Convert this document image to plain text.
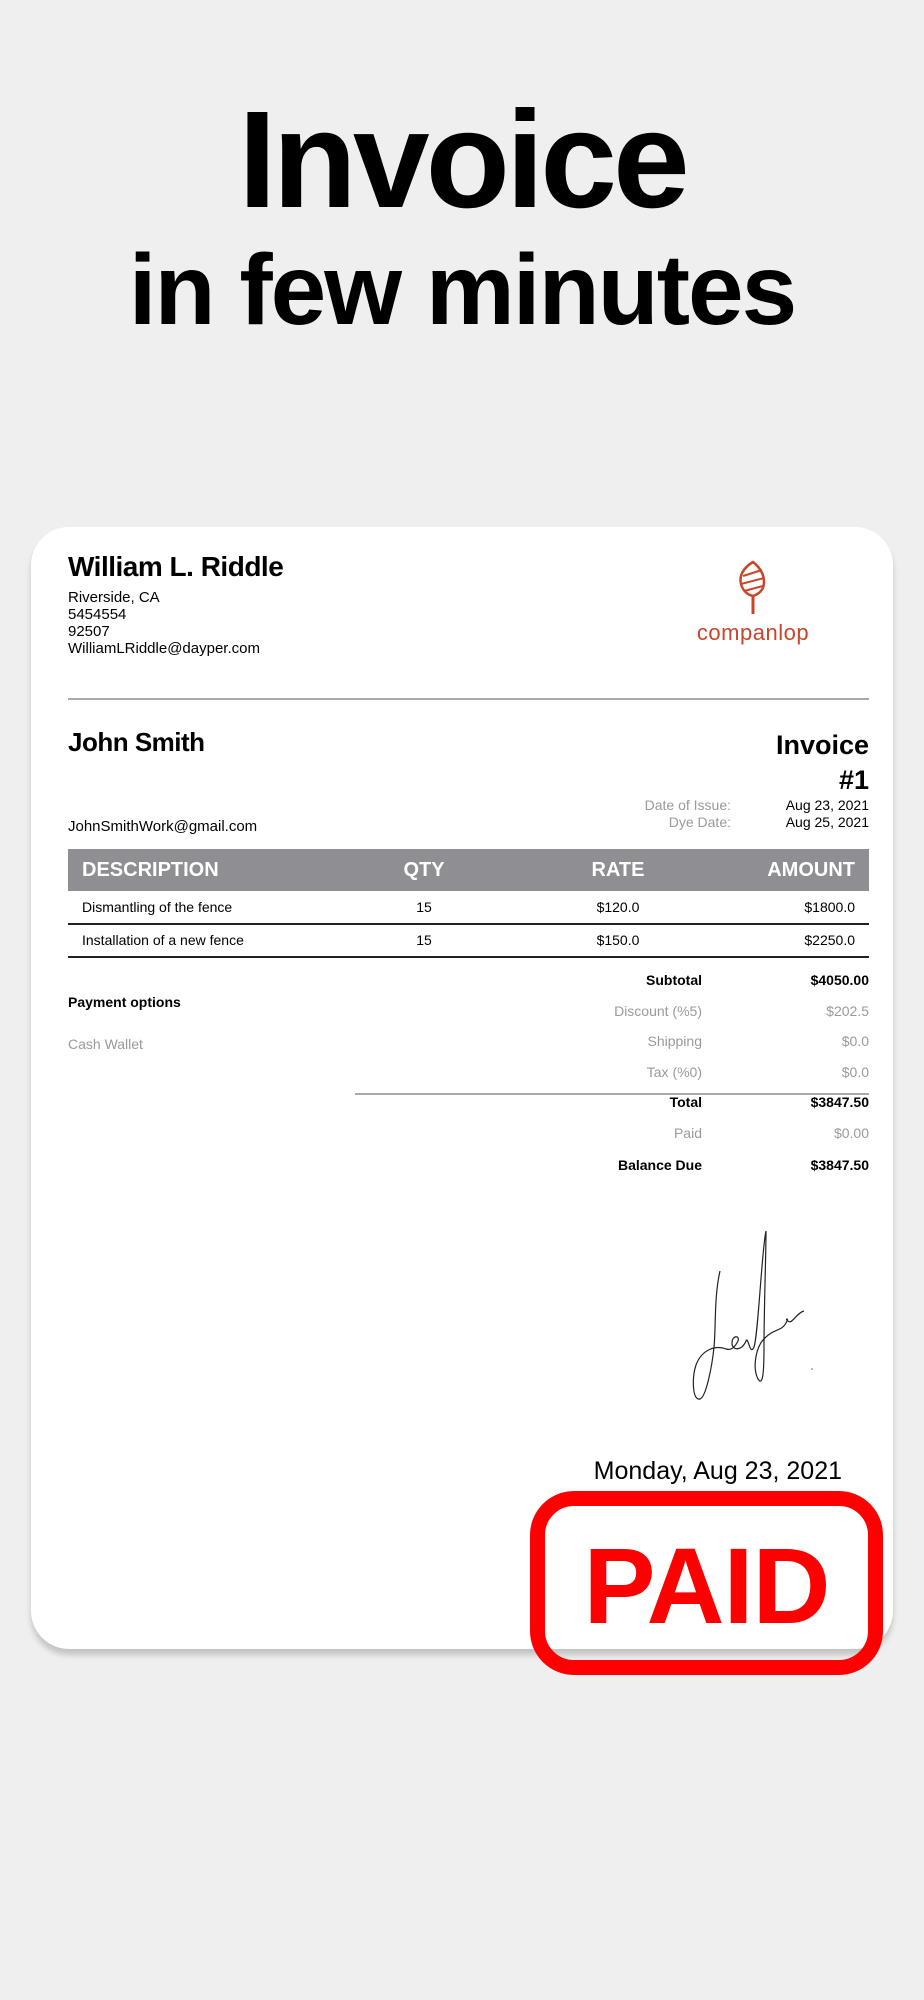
Invoice
in few minutes
William L. Riddle
Riverside, CA
5454554
92507
WilliamLRiddle@dayper.com
companlop
John Smith	Invoice
#1
Date of Issue:	Aug 23, 2021
Dye Date:	Aug 25, 2021
JohnSmithWork@gmail.com
DESCRIPTION	QTY	RATE	AMOUNT
Dismantling of the fence	15	$120.0	$1800.0
Installation of a new fence	15	$150.0	$2250.0
Payment options
Cash Wallet
Subtotal	$4050.00
Discount (%5)	$202.5
Shipping	$0.0
Tax (%0)	$0.0
Total	$3847.50
Paid	$0.00
Balance Due	$3847.50
Monday, Aug 23, 2021
PAID
